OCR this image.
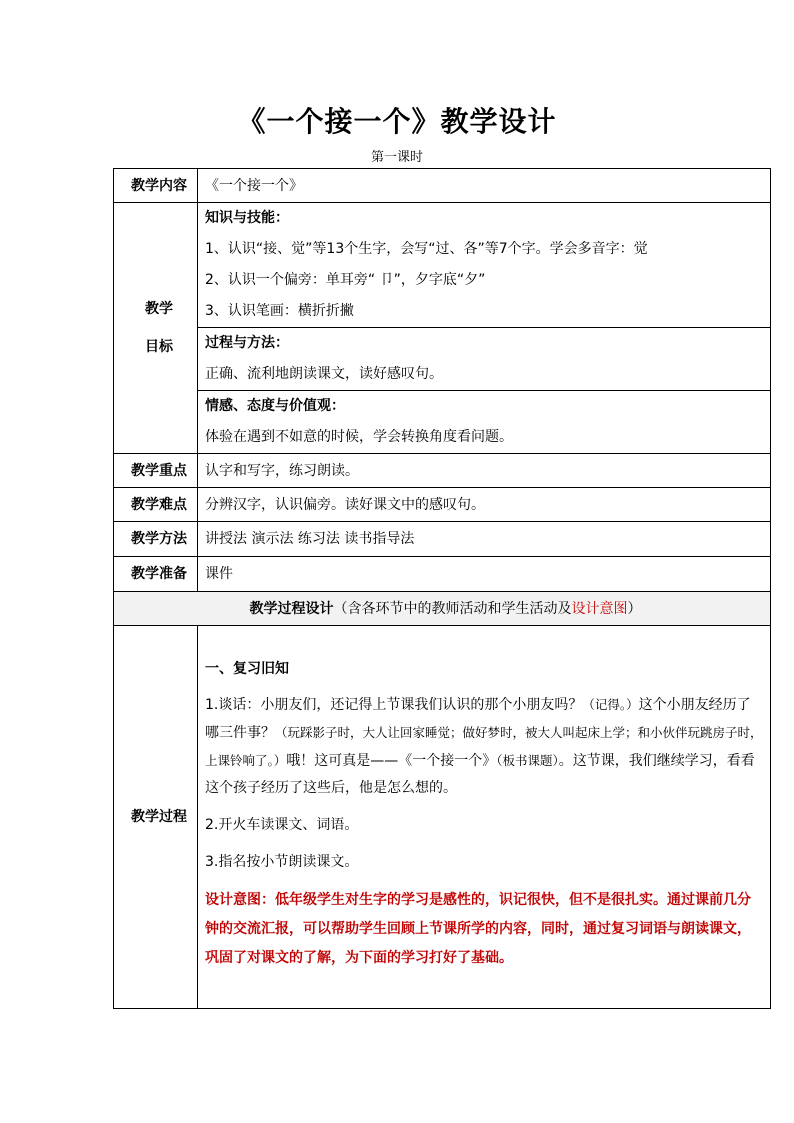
《一个接一个》教学设计
第一课时
教学内容	《一个接一个》

教学
目标	知识与技能：
1、认识“接、觉”等13个生字，会写“过、各”等7个字。学会多音字：觉
2、认识一个偏旁：单耳旁“ 卩”，夕字底“夕”
3、认识笔画：横折折撇

	过程与方法：
正确、流利地朗读课文，读好感叹句。

	情感、态度与价值观：
体验在遇到不如意的时候，学会转换角度看问题。

教学重点	认字和写字，练习朗读。
教学难点	分辨汉字，认识偏旁。读好课文中的感叹句。
教学方法	讲授法 演示法 练习法 读书指导法
教学准备	课件
教学过程设计（含各环节中的教师活动和学生活动及设计意图）	
教学过程	一、复习旧知

1.谈话：小朋友们，还记得上节课我们认识的那个小朋友吗？（记得。）这个小朋友经历了哪三件事？（玩踩影子时，大人让回家睡觉；做好梦时，被大人叫起床上学；和小伙伴玩跳房子时，上课铃响了。）哦！这可真是——《一个接一个》（板书课题）。这节课，我们继续学习，看看这个孩子经历了这些后，他是怎么想的。

2.开火车读课文、词语。

3.指名按小节朗读课文。

设计意图：低年级学生对生字的学习是感性的，识记很快，但不是很扎实。通过课前几分钟的交流汇报，可以帮助学生回顾上节课所学的内容，同时，通过复习词语与朗读课文，巩固了对课文的了解，为下面的学习打好了基础。
